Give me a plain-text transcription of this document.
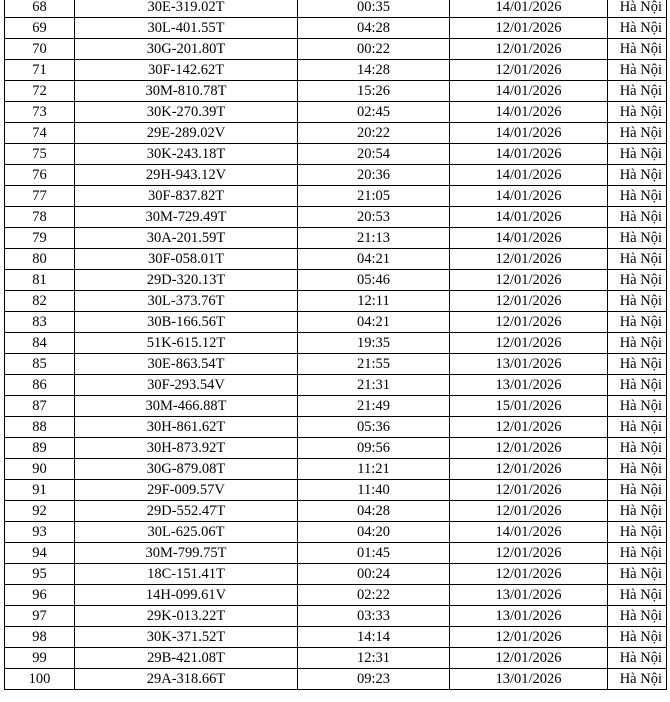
68	30E-319.02T	00:35	14/01/2026	Hà Nội
69	30L-401.55T	04:28	12/01/2026	Hà Nội
70	30G-201.80T	00:22	12/01/2026	Hà Nội
71	30F-142.62T	14:28	12/01/2026	Hà Nội
72	30M-810.78T	15:26	14/01/2026	Hà Nội
73	30K-270.39T	02:45	14/01/2026	Hà Nội
74	29E-289.02V	20:22	14/01/2026	Hà Nội
75	30K-243.18T	20:54	14/01/2026	Hà Nội
76	29H-943.12V	20:36	14/01/2026	Hà Nội
77	30F-837.82T	21:05	14/01/2026	Hà Nội
78	30M-729.49T	20:53	14/01/2026	Hà Nội
79	30A-201.59T	21:13	14/01/2026	Hà Nội
80	30F-058.01T	04:21	12/01/2026	Hà Nội
81	29D-320.13T	05:46	12/01/2026	Hà Nội
82	30L-373.76T	12:11	12/01/2026	Hà Nội
83	30B-166.56T	04:21	12/01/2026	Hà Nội
84	51K-615.12T	19:35	12/01/2026	Hà Nội
85	30E-863.54T	21:55	13/01/2026	Hà Nội
86	30F-293.54V	21:31	13/01/2026	Hà Nội
87	30M-466.88T	21:49	15/01/2026	Hà Nội
88	30H-861.62T	05:36	12/01/2026	Hà Nội
89	30H-873.92T	09:56	12/01/2026	Hà Nội
90	30G-879.08T	11:21	12/01/2026	Hà Nội
91	29F-009.57V	11:40	12/01/2026	Hà Nội
92	29D-552.47T	04:28	12/01/2026	Hà Nội
93	30L-625.06T	04:20	14/01/2026	Hà Nội
94	30M-799.75T	01:45	12/01/2026	Hà Nội
95	18C-151.41T	00:24	12/01/2026	Hà Nội
96	14H-099.61V	02:22	13/01/2026	Hà Nội
97	29K-013.22T	03:33	13/01/2026	Hà Nội
98	30K-371.52T	14:14	12/01/2026	Hà Nội
99	29B-421.08T	12:31	12/01/2026	Hà Nội
100	29A-318.66T	09:23	13/01/2026	Hà Nội
